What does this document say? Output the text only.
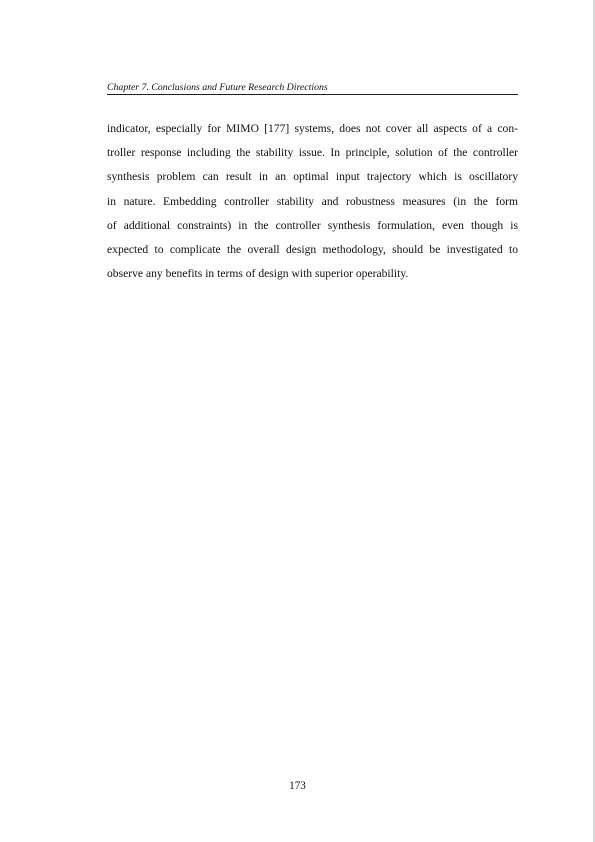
Chapter 7. Conclusions and Future Research Directions
indicator, especially for MIMO [177] systems, does not cover all aspects of a con-
troller response including the stability issue. In principle, solution of the controller
synthesis problem can result in an optimal input trajectory which is oscillatory
in nature. Embedding controller stability and robustness measures (in the form
of additional constraints) in the controller synthesis formulation, even though is
expected to complicate the overall design methodology, should be investigated to
observe any benefits in terms of design with superior operability.
173
